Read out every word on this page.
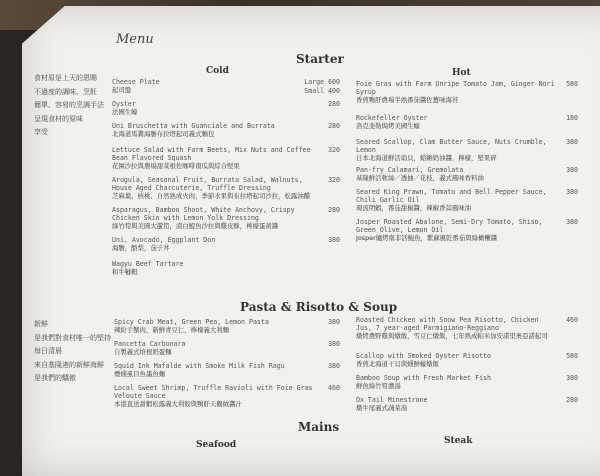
Menu
Starter
Cold	Hot
食材原是上天的恩賜
不過度的調味、烹飪
簡單、容易的烹調手法
呈現食材的原味
享受
新鮮
是我們對食材唯一的堅持
每日清晨
來自基隆港的新鮮海鮮
是我們的驕傲
Cheese Plate
起司盤
Large 600
Small 400
Oyster
法國生蠔
280
Uni Bruschetta with Guanciale and Burrata
北海道馬糞海膽布拉塔起司義式麵包
280
Lettuce Salad with Farm Beets, Mix Nuts and Coffee Bean Flavored Squash
花園沙拉與農場甜菜根佐咖啡南瓜與綜合堅果
320
Arugula, Seasonal Fruit, Burrata Salad, Walnuts, House Aged Charcuterie, Truffle Dressing
芝麻葉、核桃、自然熟成火肉、季節水果與布拉塔起司沙拉，松露油醋
320
Asparagus, Bamboo Shoot, White Anchovy, Crispy Chicken Skin with Lemon Yolk Dressing
綠竹筍與美國大蘆筍，漬白鯷魚沙拉與雞皮酥，檸檬蛋黃醬
280
Uni, Avocado, Eggplant Don
海膽，酪梨，茄子丼
380
Wagyu Beef Tartare
和牛韃靼
Foie Gras with Farm Unripe Tomato Jam, Ginger Nori Syrup
香煎鴨肝農場半熟番茄醬佐薑味海苔
580
Rockefeller Oyster
洛克斐勒焗烤美國生蠔
180
Seared Scallop, Clam Butter Sauce, Nuts Crumble, Lemon
日本北海道鮮活扇貝，蛤蜊奶油醬，檸檬，堅果碎
380
Pan-fry Calamari, Gremolata
基隆鮮活軟絲／透抽／花枝，義式風味香料油
380
Seared King Prawn, Tomato and Bell Pepper Sauce, Chili Garlic Oil
現流明蝦，番茄甜椒醬，辣椒香蒜風味油
380
Josper Roasted Abalone, Semi-Dry Tomato, Shiso, Green Olive, Lemon Oil
Josper爐烤南非活鮑魚，紫蘇風乾番茄與綠橄欖醬
380
Pasta & Risotto & Soup
Spicy Crab Meat, Green Pea, Lemon Pasta
辣紛手蟹肉，新鮮青豆仁，檸檬義大利麵
380
Pancetta Carbonara
自製義式培根奶蛋麵
380
Squid Ink Mafalde with Smoke Milk Fish Ragu
煙燻虱目魚墨魚麵
380
Local Sweet Shrimp, Truffle Ravioli with Foie Gras Veloute Sauce
本港直送甜蝦松露義大利餃與鴨肝天鵝絨醬汁
460
Roasted Chicken with Snow Pea Risotto, Chicken Jus, 7 year-aged Parmigiano-Reggiano
燉烤農野雞與燉飯，雪豆仁燉飯，七年熟成帕米加安諾里奧亞諾起司
460
Scallop with Smoked Oyster Risotto
香煎北海道干貝與燻鮮蠔燉飯
580
Bamboo Soup with Fresh Market Fish
鮮魚綠竹筍濃湯
380
Ox Tail Minestrone
燉牛尾義式蔬菜湯
280
Mains
Seafood	Steak
